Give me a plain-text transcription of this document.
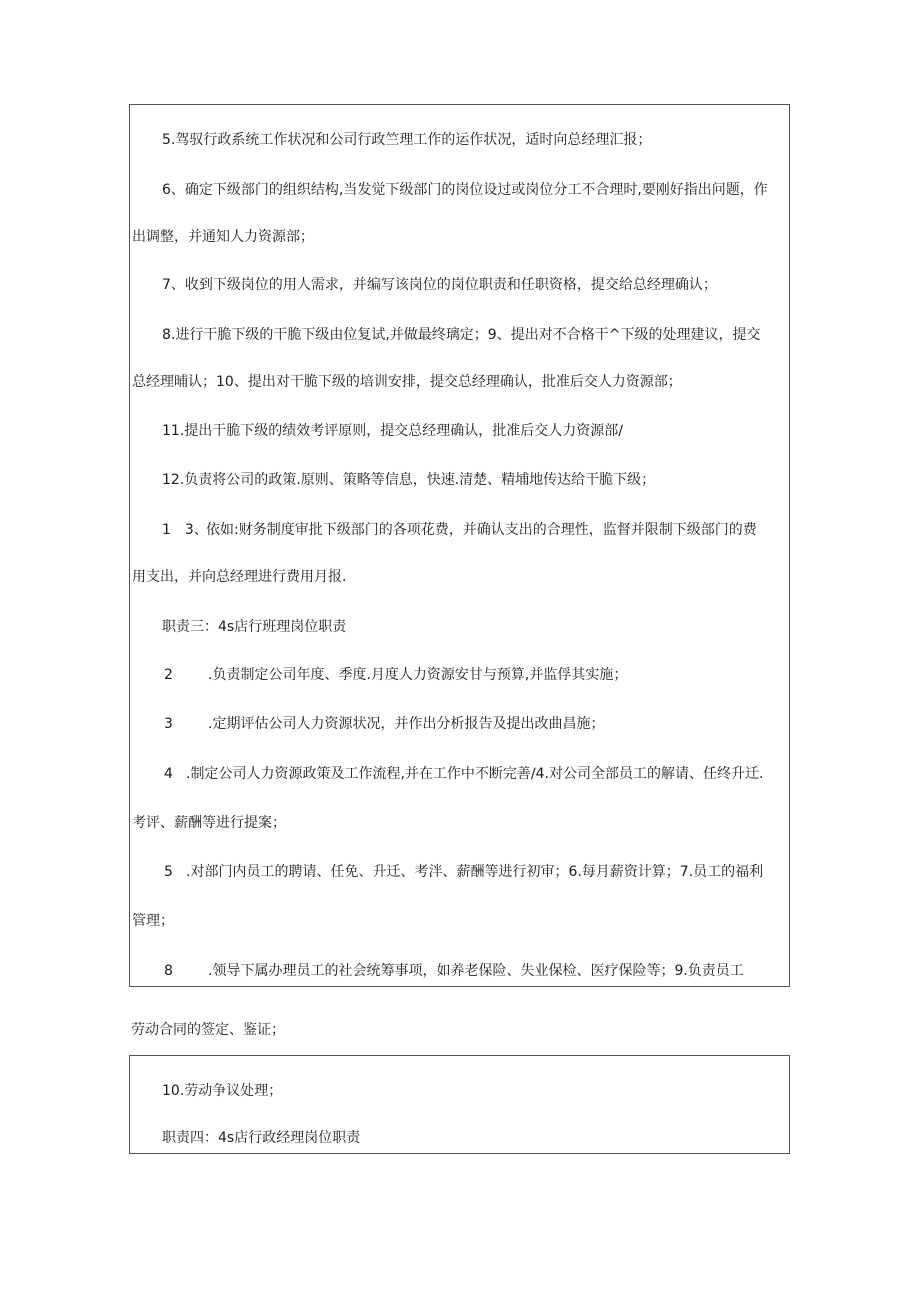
5.驾驭行政系统工作状况和公司行政竺理工作的运作状况，适时向总经理汇报；
6、确定下级部门的组织结构,当发觉下级部门的岗位设过或岗位分工不合理时,要刚好指出问题，作
出调整，并通知人力资源部；
7、收到下级岗位的用人需求，并编写该岗位的岗位职责和任职资格，提交给总经理确认；
8.进行干脆下级的干脆下级由位复试,并做最终璃定；9、提出对不合格干^下级的处理建议，提交
总经理晡认；10、提出对干脆下级的培训安排，提交总经理确认，批准后交人力资源部；
11.提出干脆下级的绩效考评原则，提交总经理确认，批准后交人力资源部∕
12.负责将公司的政策.原则、策略等信息，快速.清楚、精埔地传达给干脆下级；
1　3、
依如:财务制度审批下级部门的各项花费，并确认支出的合理性，监督并限制下级部门的费
用支出，并向总经理进行费用月报.
职责三：4s店行班理岗位职责
2	.负责制定公司年度、季度.月度人力资源安甘与预算,并监俘其实施；
3	.定期评估公司人力资源状况，并作出分析报告及提出改曲昌施；
4 .制定公司人力资源政策及工作流程,并在工作中不断完善∕4.对公司全部员工的解请、任终升迁.
考评、薪酬等进行提案；
5 .对部门内员工的聘请、任免、升迁、考泮、薪酬等进行初审；6.每月薪资计算；7.员工的福利
管理；
8	.领导下属办理员工的社会统筹事项，如养老保险、失业保检、医疗保险等；9.负责员工
劳动合同的签定、鉴证；
10.劳动争议处理；
职责四：4s店行政经理岗位职责
